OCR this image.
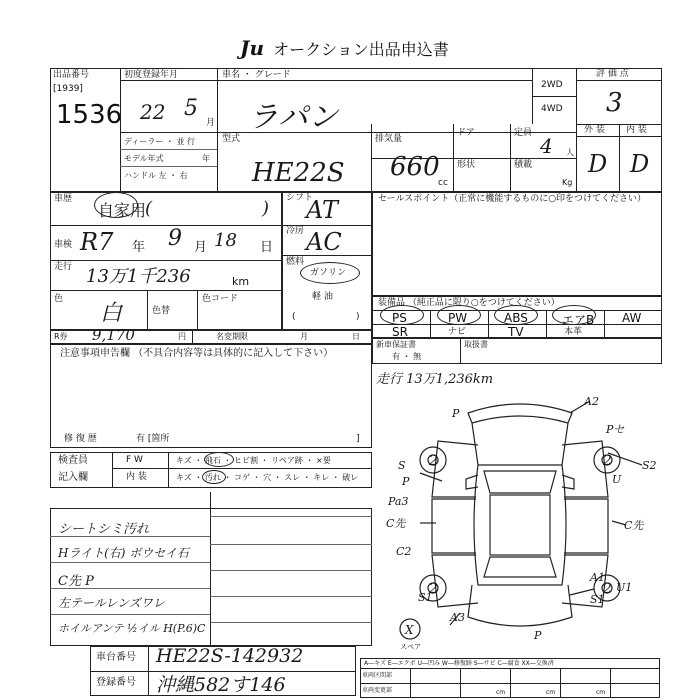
Ju オークション出品申込書
出品番号
[1939]
1536
初度登録年月
22 5
月
車名 ・ グレード
ラパン
2WD
4WD
評 価 点
3
ディーラー ・ 並 行
モデル年式	年
ハンドル 左 ・ 右
型式
HE22S
排気量
660
cc
ドア	定員
4 人
形状	積載
Kg
外 装 内 装
D D
車歴	(
自家用	)
車検 R7 年 9 月 18 日
走行 13万1千236	km
色
白	色替
色コード
シフト
AT
冷房 AC
燃料
ガソリン
軽 油
(	)
セールスポイント（正常に機能するものに○印をつけてください）
装備品 （純正品に限り○をつけてください）
PS	PW	ABS	エアB AW
SR	ナビ	TV	本革
R券 9,170	円	名変期限	月	日
新車保証書
有 ・ 無
取扱書
走行 13万1,236km
注意事項申告欄 （不具合内容等は具体的に記入して下さい）
修 復 歴	有 [箇所	]
検査員
記入欄
F W
内 装
キズ ・ 飛石 ・ ヒビ割 ・ リペア跡 ・ ×要
キズ ・ 汚れ ・ コゲ ・ 穴 ・ スレ ・ キレ ・ 破レ
シートシミ汚れ
Hライト(右) ボウセイ石
C先 P
左テールレンズワレ
ホイルアンテ ½イル H(P.6)C
車台番号 HE22S-142932
登録番号 沖縄582す146
A―キズ E―エクボ U―凹み W―修復跡 S―サビ C―腐食 XX―交換済
車両区間部
車両変更部	cm	cm	cm
A2
P
Pセ
S2
U
S
P
Pa3
C先
C2
C先
A1
U1
S1	S1
A3
P
2	2
2	2
X
スペア
